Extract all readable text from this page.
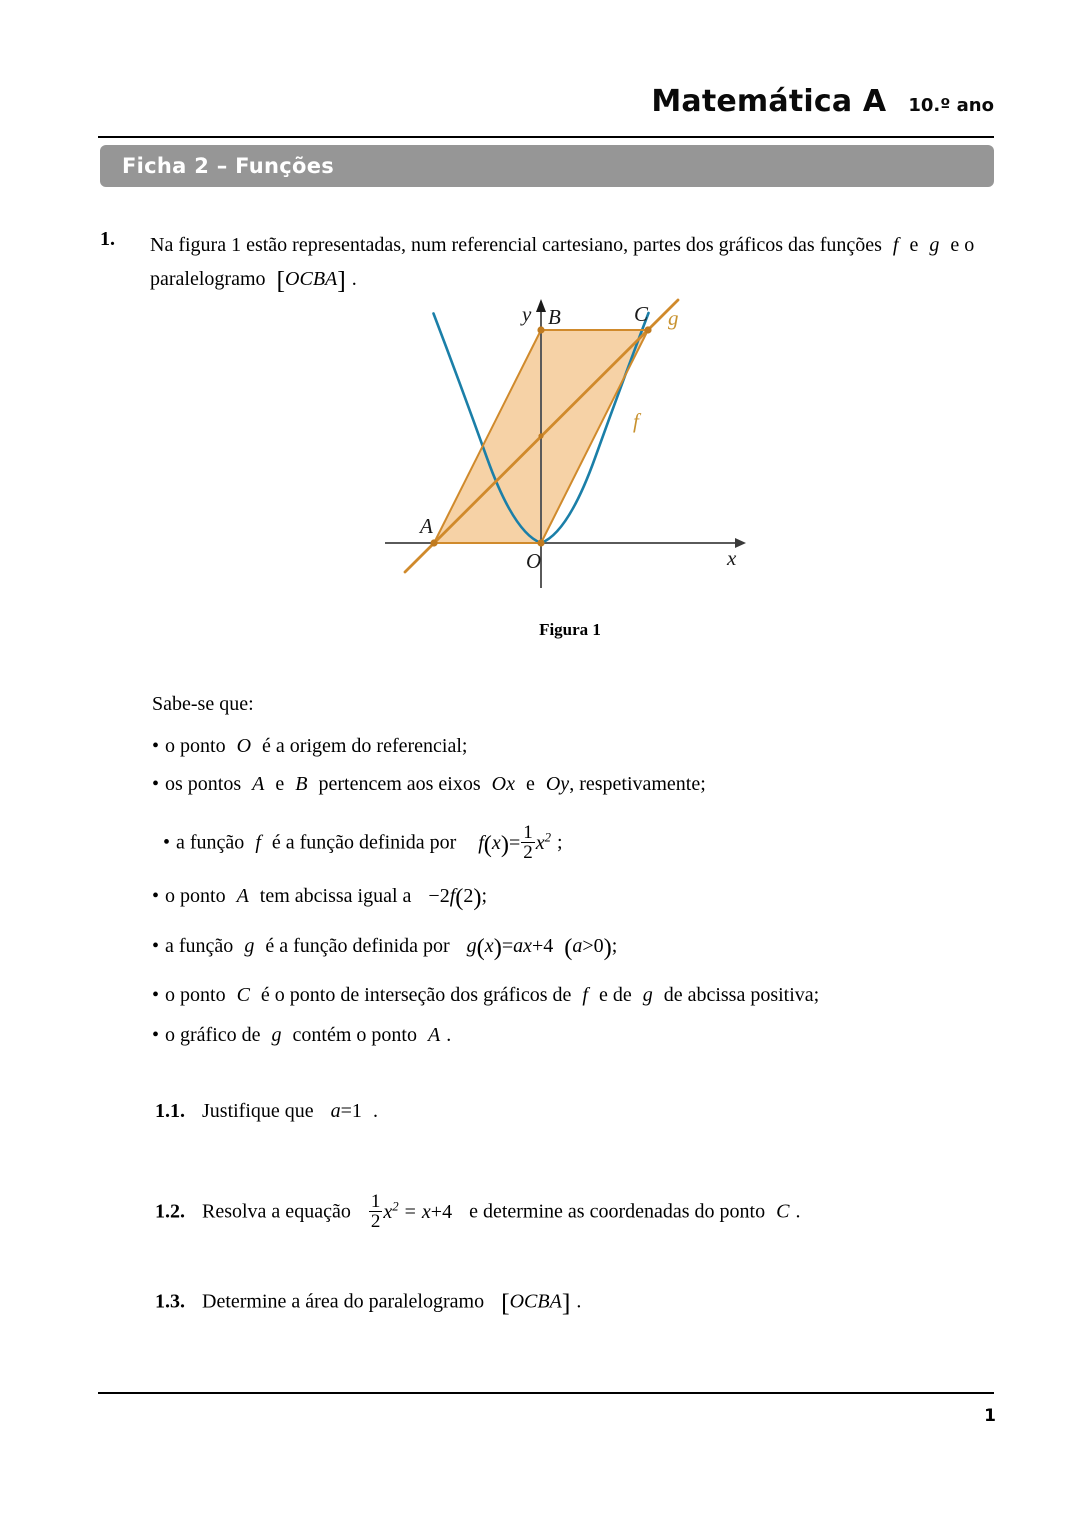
Matemática A 10.º ano
Ficha 2 – Funções
1. Na figura 1 estão representadas, num referencial cartesiano, partes dos gráficos das funções f e g e o
paralelogramo [OCBA] .
y
x
O
A
B	C
f
g
Figura 1
Sabe-se que:
• o ponto O é a origem do referencial;
• os pontos A e B pertencem aos eixos Ox e Oy, respetivamente;
• a função f é a função definida por $f(x)= \frac{1}{2} x^2$ ;
• o ponto A tem abcissa igual a −2f(2);
• a função g é a função definida por g(x)=ax+4 (a>0);
• o ponto C é o ponto de interseção dos gráficos de f e de g de abcissa positiva;
• o gráfico de g contém o ponto A .
1.1. Justifique que a=1 .
1.2. Resolva a equação $\frac{1}{2} x^2 = x+4$ e determine as coordenadas do ponto C .
1.3. Determine a área do paralelogramo [OCBA] .
1
